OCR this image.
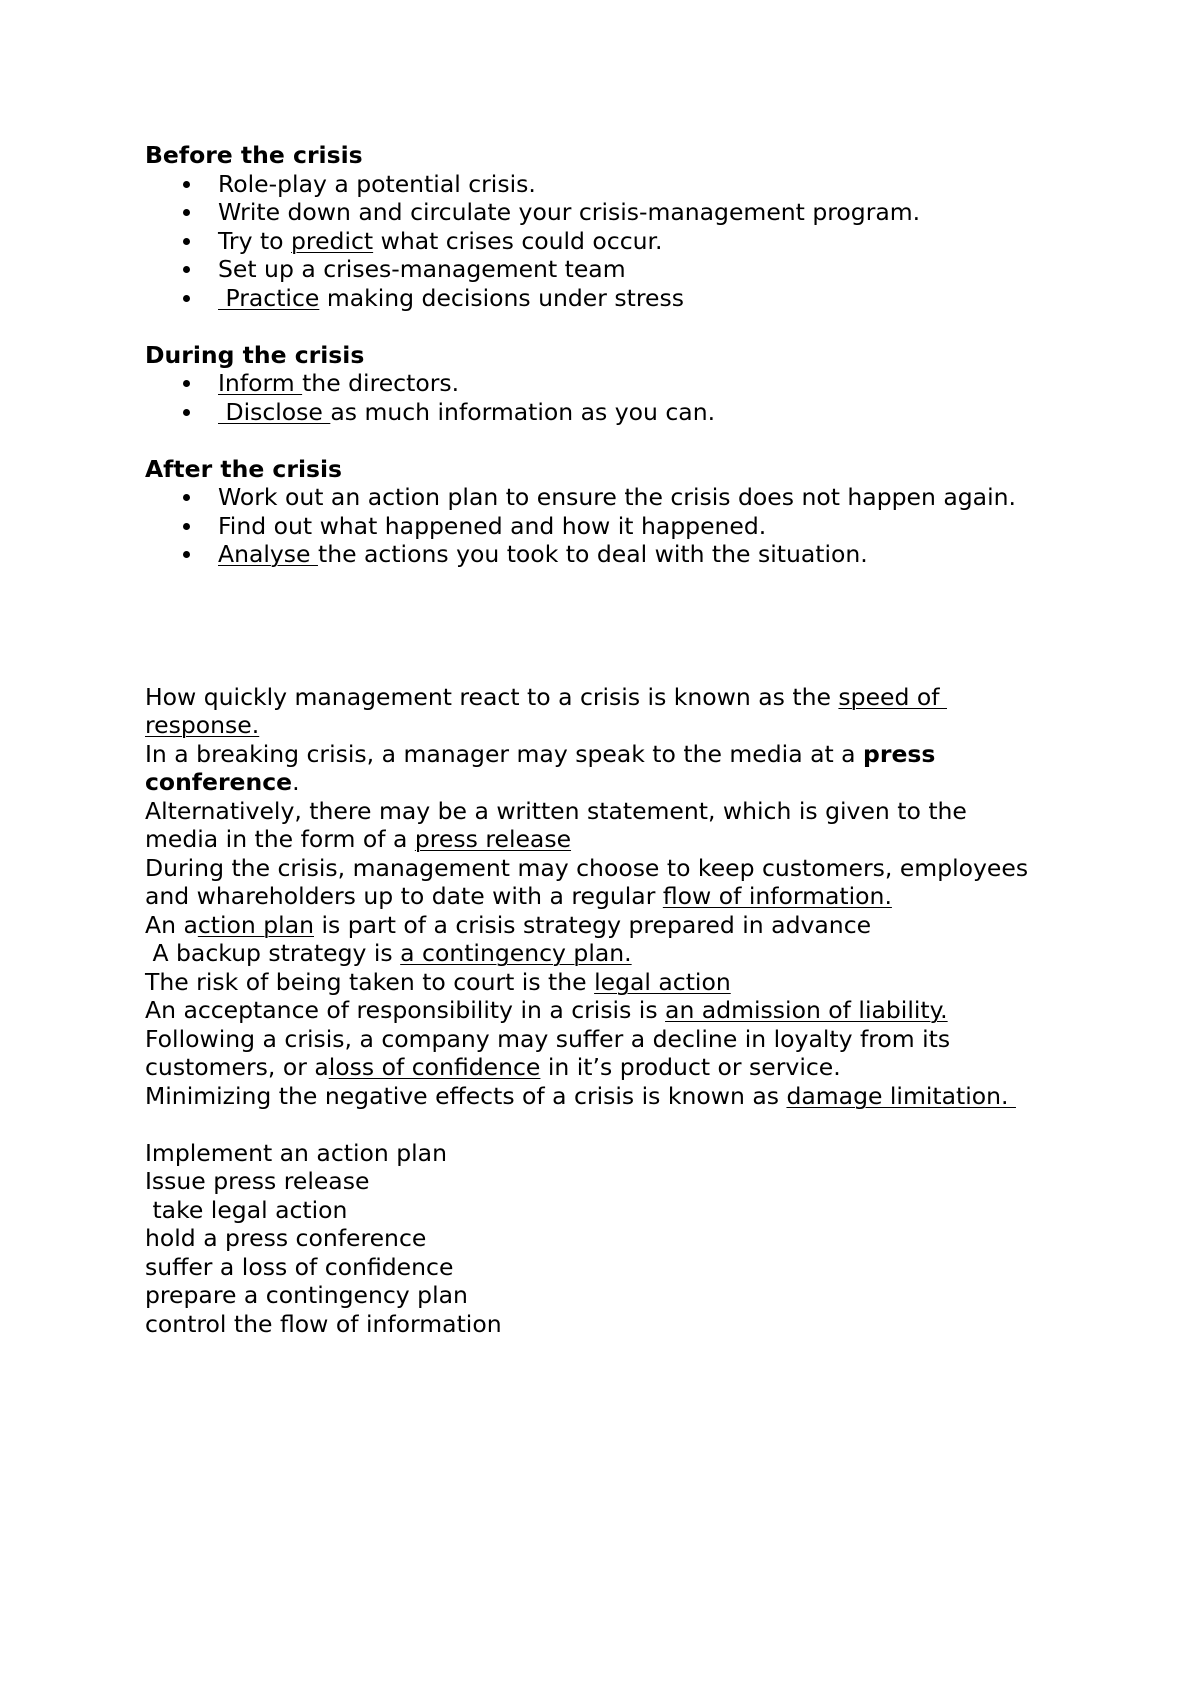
Before the crisis
Role-play a potential crisis.
Write down and circulate your crisis-management program.
Try to predict what crises could occur.
Set up a crises-management team
Practice making decisions under stress
During the crisis
Inform the directors.
Disclose as much information as you can.
After the crisis
Work out an action plan to ensure the crisis does not happen again.
Find out what happened and how it happened.
Analyse the actions you took to deal with the situation.
How quickly management react to a crisis is known as the speed of
response.
In a breaking crisis, a manager may speak to the media at a press
conference.
Alternatively, there may be a written statement, which is given to the
media in the form of a press release
During the crisis, management may choose to keep customers, employees
and whareholders up to date with a regular flow of information.
An action plan is part of a crisis strategy prepared in advance
A backup strategy is a contingency plan.
The risk of being taken to court is the legal action
An acceptance of responsibility in a crisis is an admission of liability.
Following a crisis, a company may suffer a decline in loyalty from its
customers, or aloss of confidence in it’s product or service.
Minimizing the negative effects of a crisis is known as damage limitation.
Implement an action plan
Issue press release
take legal action
hold a press conference
suffer a loss of confidence
prepare a contingency plan
control the flow of information
